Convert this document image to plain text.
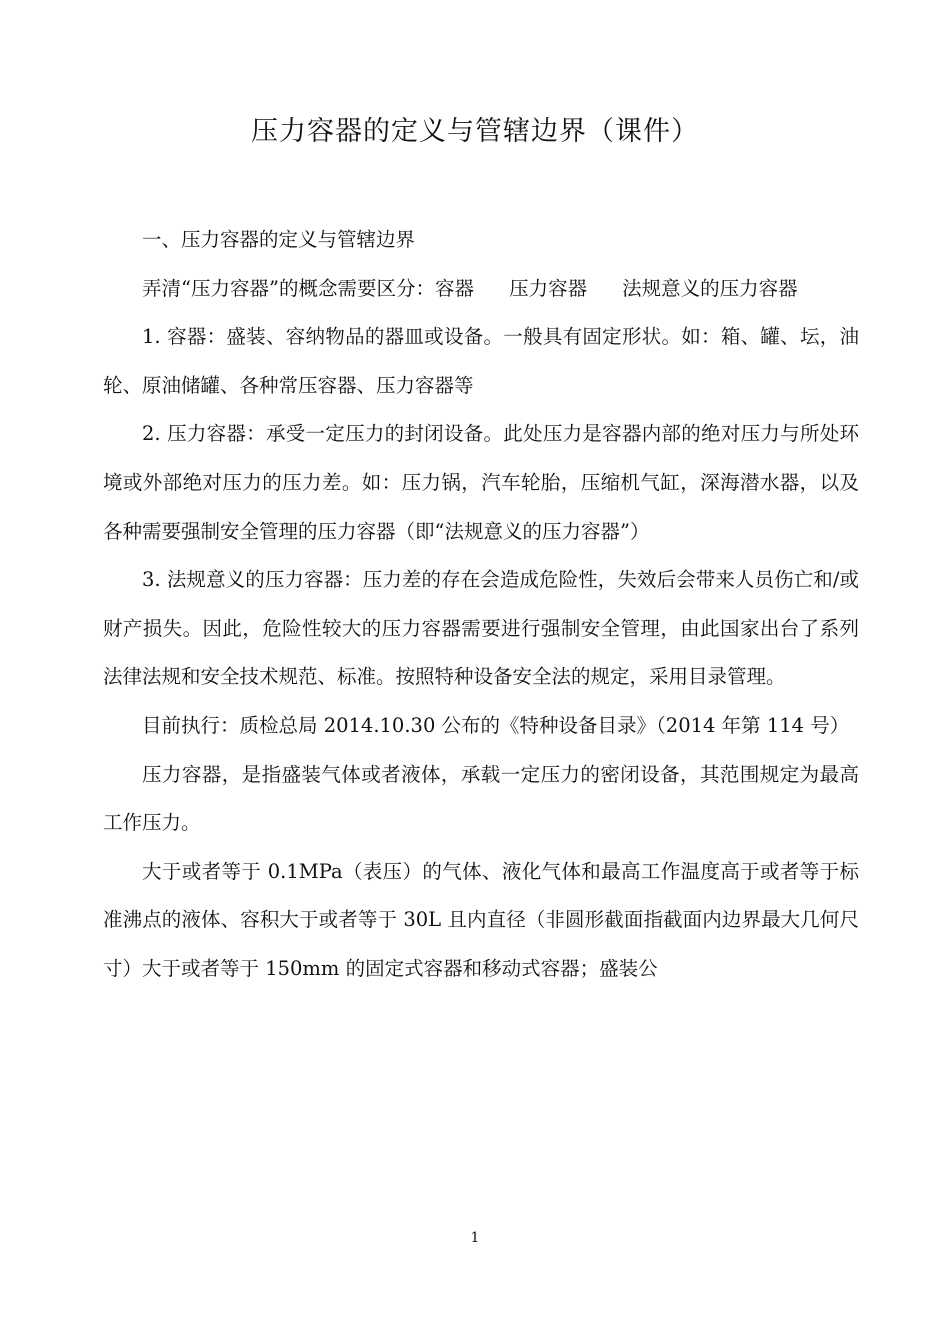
压力容器的定义与管辖边界（课件）

一、压力容器的定义与管辖边界

弄清“压力容器”的概念需要区分：容器 压力容器 法规意义的压力容器

1. 容器：盛装、容纳物品的器皿或设备。一般具有固定形状。如：箱、罐、坛，油轮、原油储罐、各种常压容器、压力容器等

2. 压力容器：承受一定压力的封闭设备。此处压力是容器内部的绝对压力与所处环境或外部绝对压力的压力差。如：压力锅，汽车轮胎，压缩机气缸，深海潜水器，以及各种需要强制安全管理的压力容器（即“法规意义的压力容器”）

3. 法规意义的压力容器：压力差的存在会造成危险性，失效后会带来人员伤亡和/或财产损失。因此，危险性较大的压力容器需要进行强制安全管理，由此国家出台了系列法律法规和安全技术规范、标准。按照特种设备安全法的规定，采用目录管理。

目前执行：质检总局 2014.10.30 公布的《特种设备目录》（2014 年第 114 号）

压力容器，是指盛装气体或者液体，承载一定压力的密闭设备，其范围规定为最高工作压力。

大于或者等于 0.1MPa（表压）的气体、液化气体和最高工作温度高于或者等于标准沸点的液体、容积大于或者等于 30L 且内直径（非圆形截面指截面内边界最大几何尺寸）大于或者等于 150mm 的固定式容器和移动式容器；盛装公

1
